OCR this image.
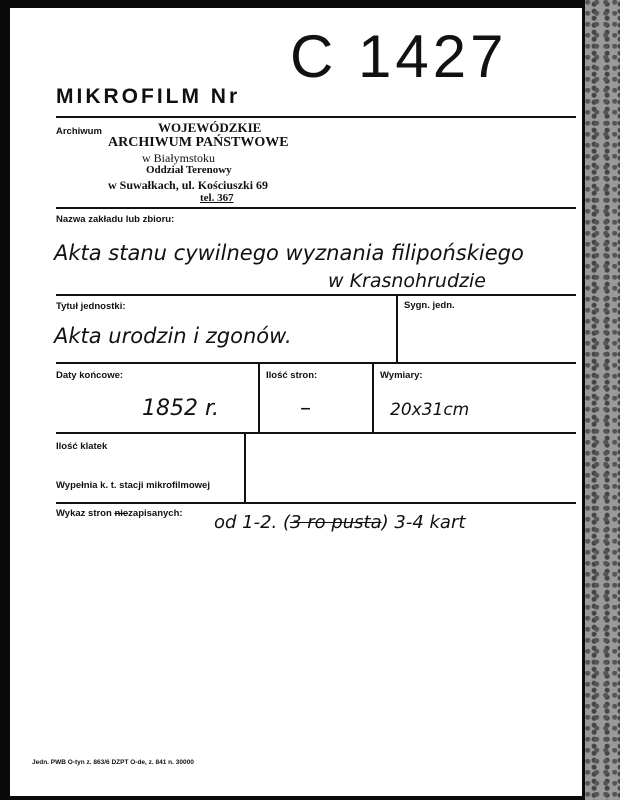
MIKROFILM Nr
C 1427
Archiwum	WOJEWÓDZKIE
ARCHIWUM PAŃSTWOWE
w Białymstoku
Oddział Terenowy
w Suwałkach, ul. Kościuszki 69
tel. 367
Nazwa zakładu lub zbioru:
Akta stanu cywilnego wyznania filipońskiego
w Krasnohrudzie
Tytuł jednostki:
Akta urodzin i zgonów.
Sygn. jedn.
Daty końcowe:
1852 r.
Ilość stron:
–
Wymiary:
20x31cm
Ilość klatek
Wypełnia k. t. stacji mikrofilmowej
Wykaz stron niezapisanych: od 1-2. (3 ro pusta) 3-4 kart
Jedn. PWB O-tyn z. 863/6 DZPT O-de, z. 841 n. 30000
